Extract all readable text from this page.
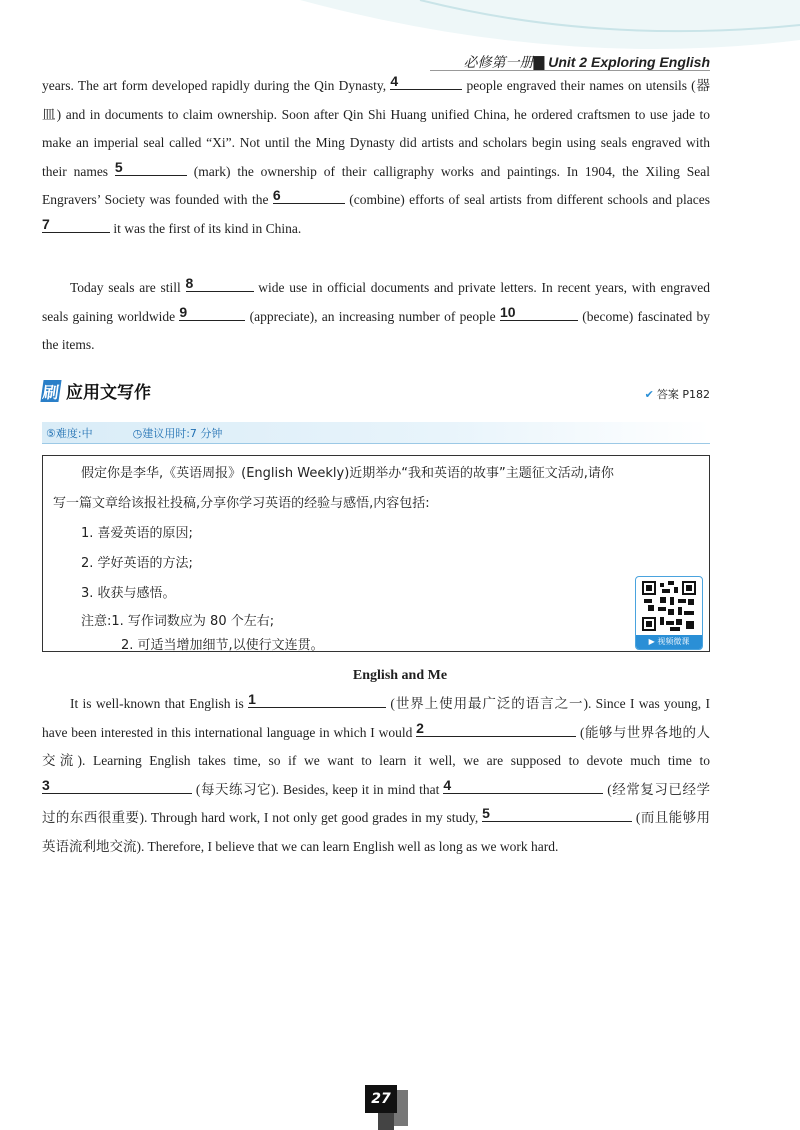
必修第一册▇ Unit 2 Exploring English
years. The art form developed rapidly during the Qin Dynasty, 4	people engraved their names on utensils (器皿) and in documents to claim ownership. Soon after Qin Shi Huang unified China, he ordered craftsmen to use jade to make an imperial seal called “Xi”. Not until the Ming Dynasty did artists and scholars begin using seals engraved with their names 5	(mark) the ownership of their calligraphy works and paintings. In 1904, the Xiling Seal Engravers’ Society was founded with the 6	(combine) efforts of seal artists from different schools and places
7	it was the first of its kind in China.
Today seals are still 8	wide use in official documents and private letters. In recent years, with engraved seals gaining worldwide 9	(appreciate), an increasing number of people 10	(become) fascinated by the items.
刷 应用文写作	✔ 答案 P182
⑤难度:中	◷建议用时:7 分钟
假定你是李华,《英语周报》(English Weekly)近期举办“我和英语的故事”主题征文活动,请你
写一篇文章给该报社投稿,分享你学习英语的经验与感悟,内容包括:
1. 喜爱英语的原因;
2. 学好英语的方法;
3. 收获与感悟。
注意:1. 写作词数应为 80 个左右;
2. 可适当增加细节,以使行文连贯。	▶ 视频微课
English and Me
It is well-known that English is 1	(世界上使用最广泛的语言之一). Since I was young, I have been interested in this international language in which I would 2	(能够与世界各地的人交流). Learning English takes time, so if we want to learn it well, we are supposed to devote much time to
3	(每天练习它). Besides, keep it in mind that 4	(经常复习已经学过的东西很重要). Through hard work, I not only get good grades in my study, 5	(而且能够用英语流利地交流). Therefore, I believe that we can learn English well as long as we work hard.
27
